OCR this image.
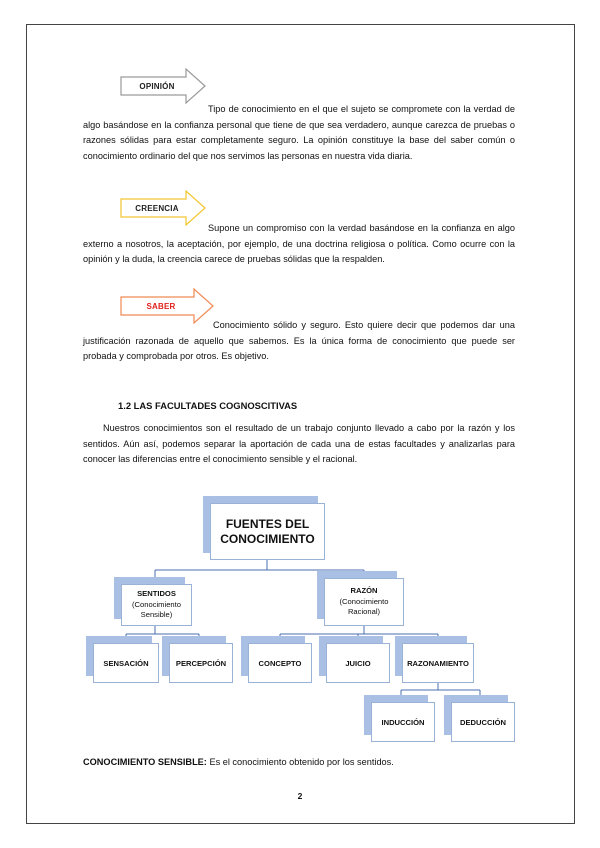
OPINIÓN

Tipo de conocimiento en el que el sujeto se compromete con la verdad de algo basándose en la confianza personal que tiene de que sea verdadero, aunque carezca de pruebas o razones sólidas para estar completamente seguro. La opinión constituye la base del saber común o conocimiento ordinario del que nos servimos las personas en nuestra vida diaria.

CREENCIA

Supone un compromiso con la verdad basándose en la confianza en algo externo a nosotros, la aceptación, por ejemplo, de una doctrina religiosa o política. Como ocurre con la opinión y la duda, la creencia carece de pruebas sólidas que la respalden.

SABER

Conocimiento sólido y seguro. Esto quiere decir que podemos dar una justificación razonada de aquello que sabemos. Es la única forma de conocimiento que puede ser probada y comprobada por otros. Es objetivo.

1.2 LAS FACULTADES COGNOSCITIVAS

Nuestros conocimientos son el resultado de un trabajo conjunto llevado a cabo por la razón y los sentidos. Aún así, podemos separar la aportación de cada una de estas facultades y analizarlas para conocer las diferencias entre el conocimiento sensible y el racional.

FUENTES DEL
CONOCIMIENTO
SENTIDOS
(Conocimiento
Sensible)
RAZÓN
(Conocimiento
Racional)
SENSACIÓN	PERCEPCIÓN	CONCEPTO	JUICIO	RAZONAMIENTO
INDUCCIÓN	DEDUCCIÓN

CONOCIMIENTO SENSIBLE: Es el conocimiento obtenido por los sentidos.

2
